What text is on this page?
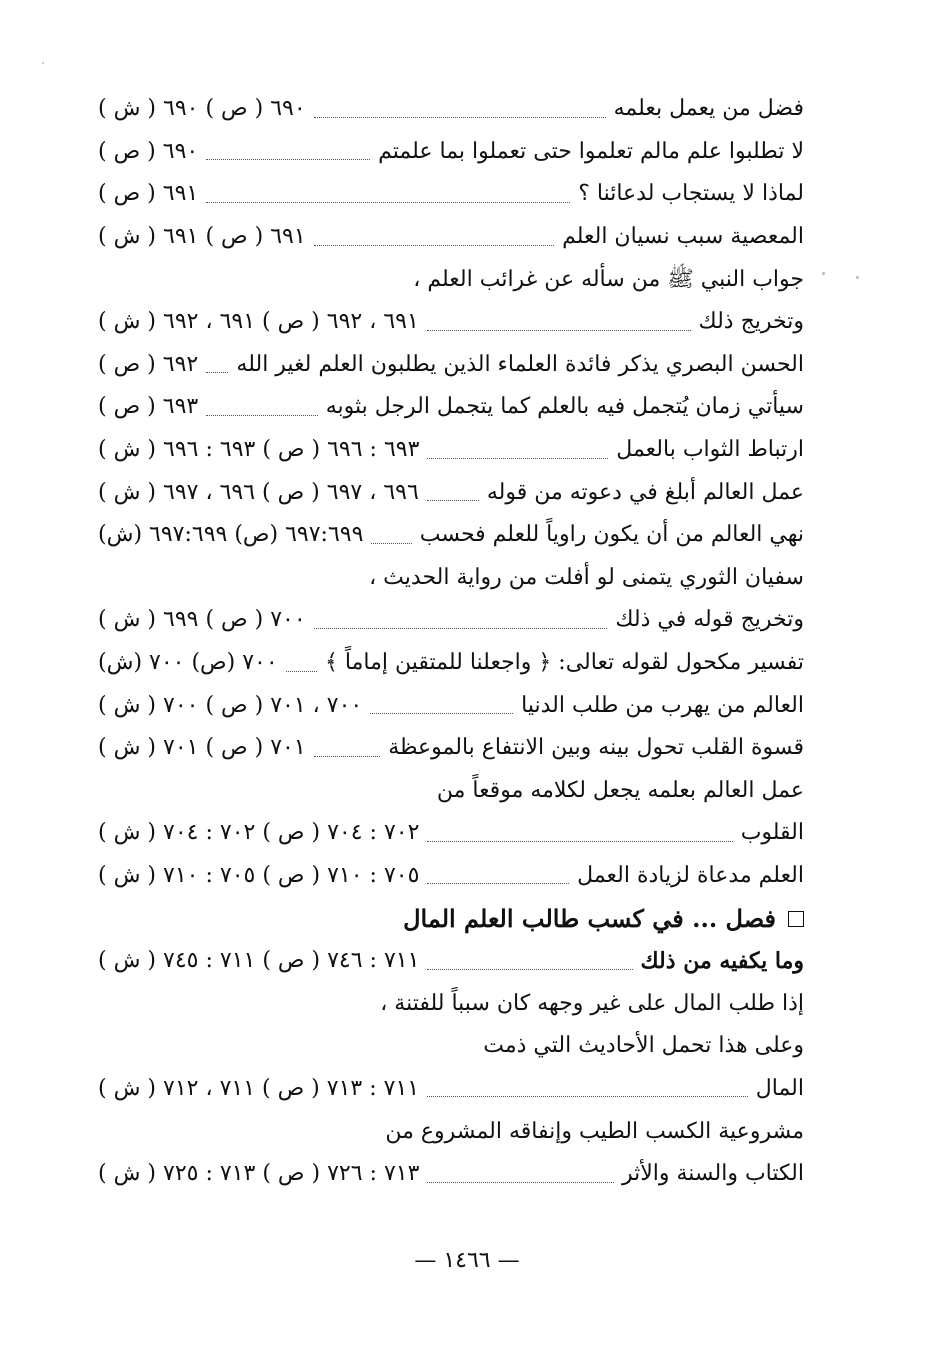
فضل من يعمل بعلمه
٦٩٠ ( ص ) ٦٩٠ ( ش )
لا تطلبوا علم مالم تعلموا حتى تعملوا بما علمتم
٦٩٠ ( ص )
لماذا لا يستجاب لدعائنا ؟
٦٩١ ( ص )
المعصية سبب نسيان العلم
٦٩١ ( ص ) ٦٩١ ( ش )
جواب النبي ﷺ من سأله عن غرائب العلم ،
وتخريج ذلك
٦٩١ ، ٦٩٢ ( ص ) ٦٩١ ، ٦٩٢ ( ش )
الحسن البصري يذكر فائدة العلماء الذين يطلبون العلم لغير الله
٦٩٢ ( ص )
سيأتي زمان يُتجمل فيه بالعلم كما يتجمل الرجل بثوبه
٦٩٣ ( ص )
ارتباط الثواب بالعمل
٦٩٣ : ٦٩٦ ( ص ) ٦٩٣ : ٦٩٦ ( ش )
عمل العالم أبلغ في دعوته من قوله
٦٩٦ ، ٦٩٧ ( ص ) ٦٩٦ ، ٦٩٧ ( ش )
نهي العالم من أن يكون راوياً للعلم فحسب
٦٩٧:٦٩٩ (ص) ٦٩٧:٦٩٩ (ش)
سفيان الثوري يتمنى لو أفلت من رواية الحديث ،
وتخريج قوله في ذلك
٧٠٠ ( ص ) ٦٩٩ ( ش )
تفسير مكحول لقوله تعالى: ﴿ واجعلنا للمتقين إماماً ﴾
٧٠٠ (ص) ٧٠٠ (ش)
العالم من يهرب من طلب الدنيا
٧٠٠ ، ٧٠١ ( ص ) ٧٠٠ ( ش )
قسوة القلب تحول بينه وبين الانتفاع بالموعظة
٧٠١ ( ص ) ٧٠١ ( ش )
عمل العالم بعلمه يجعل لكلامه موقعاً من
القلوب
٧٠٢ : ٧٠٤ ( ص ) ٧٠٢ : ٧٠٤ ( ش )
العلم مدعاة لزيادة العمل
٧٠٥ : ٧١٠ ( ص ) ٧٠٥ : ٧١٠ ( ش )
فصل ... في كسب طالب العلم المال
وما يكفيه من ذلك
٧١١ : ٧٤٦ ( ص ) ٧١١ : ٧٤٥ ( ش )
إذا طلب المال على غير وجهه كان سبباً للفتنة ،
وعلى هذا تحمل الأحاديث التي ذمت
المال
٧١١ : ٧١٣ ( ص ) ٧١١ ، ٧١٢ ( ش )
مشروعية الكسب الطيب وإنفاقه المشروع من
الكتاب والسنة والأثر
٧١٣ : ٧٢٦ ( ص ) ٧١٣ : ٧٢٥ ( ش )
— ١٤٦٦ —
